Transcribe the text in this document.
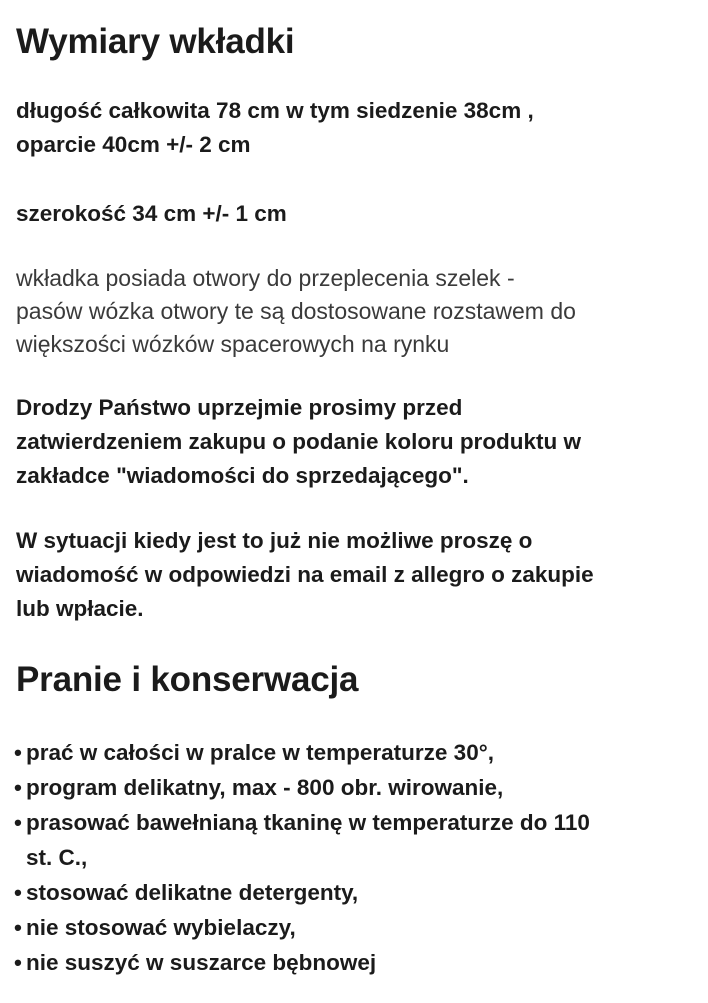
Wymiary wkładki

długość całkowita 78 cm w tym siedzenie 38cm ,
oparcie 40cm +/- 2 cm

szerokość 34 cm +/- 1 cm

wkładka posiada otwory do przeplecenia szelek -
pasów wózka otwory te są dostosowane rozstawem do
większości wózków spacerowych na rynku

Drodzy Państwo uprzejmie prosimy przed
zatwierdzeniem zakupu o podanie koloru produktu w
zakładce "wiadomości do sprzedającego".

W sytuacji kiedy jest to już nie możliwe proszę o
wiadomość w odpowiedzi na email z allegro o zakupie
lub wpłacie.

Pranie i konserwacja
• prać w całości w pralce w temperaturze 30°,
• program delikatny, max - 800 obr. wirowanie,
• prasować bawełnianą tkaninę w temperaturze do 110
st. C.,
• stosować delikatne detergenty,
• nie stosować wybielaczy,
• nie suszyć w suszarce bębnowej
